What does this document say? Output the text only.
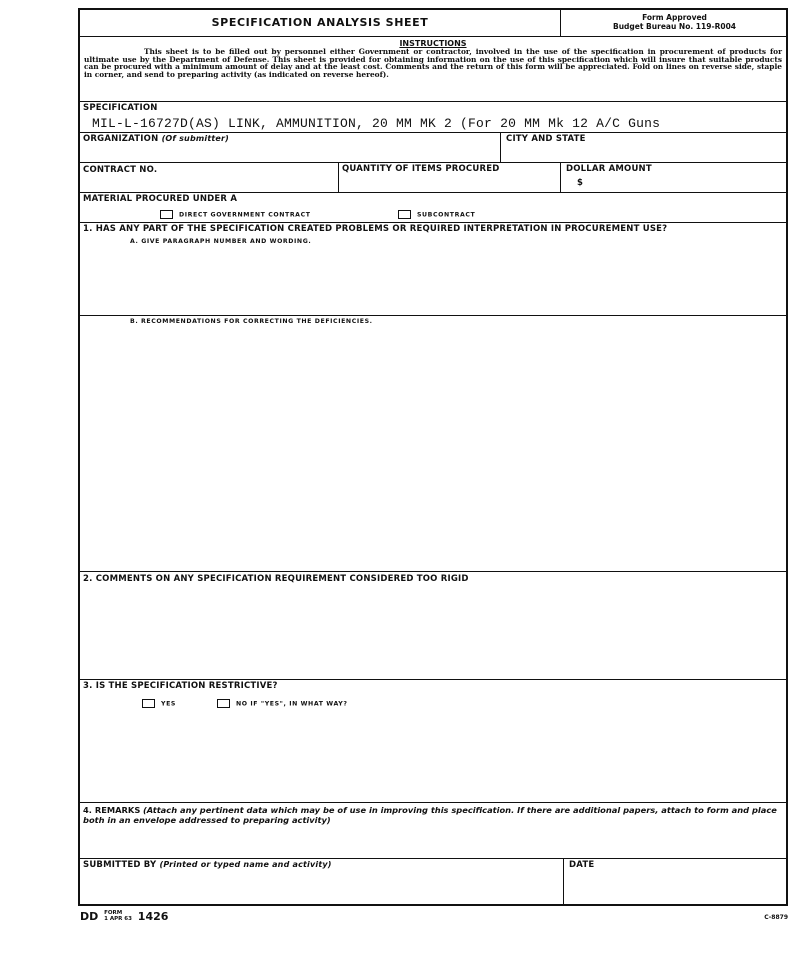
SPECIFICATION ANALYSIS SHEET	Form Approved
Budget Bureau No. 119-R004
INSTRUCTIONS
This sheet is to be filled out by personnel either Government or contractor, involved in the use of the specification in procurement of products for ultimate use by the Department of Defense. This sheet is provided for obtaining information on the use of this specification which will insure that suitable products can be procured with a minimum amount of delay and at the least cost. Comments and the return of this form will be appreciated. Fold on lines on reverse side, staple in corner, and send to preparing activity (as indicated on reverse hereof).
SPECIFICATION
MIL-L-16727D(AS) LINK, AMMUNITION, 20 MM MK 2 (For 20 MM Mk 12 A/C Guns
ORGANIZATION (Of submitter)	CITY AND STATE
CONTRACT NO.	QUANTITY OF ITEMS PROCURED	DOLLAR AMOUNT
$
MATERIAL PROCURED UNDER A
DIRECT GOVERNMENT CONTRACT	SUBCONTRACT
1. HAS ANY PART OF THE SPECIFICATION CREATED PROBLEMS OR REQUIRED INTERPRETATION IN PROCUREMENT USE?
A. GIVE PARAGRAPH NUMBER AND WORDING.
B. RECOMMENDATIONS FOR CORRECTING THE DEFICIENCIES.
2. COMMENTS ON ANY SPECIFICATION REQUIREMENT CONSIDERED TOO RIGID
3. IS THE SPECIFICATION RESTRICTIVE?
YES	NO IF "YES", IN WHAT WAY?
4. REMARKS (Attach any pertinent data which may be of use in improving this specification. If there are additional papers, attach to form and place both in an envelope addressed to preparing activity)
SUBMITTED BY (Printed or typed name and activity)	DATE
DD FORM
1 APR 63 1426	C-8879
